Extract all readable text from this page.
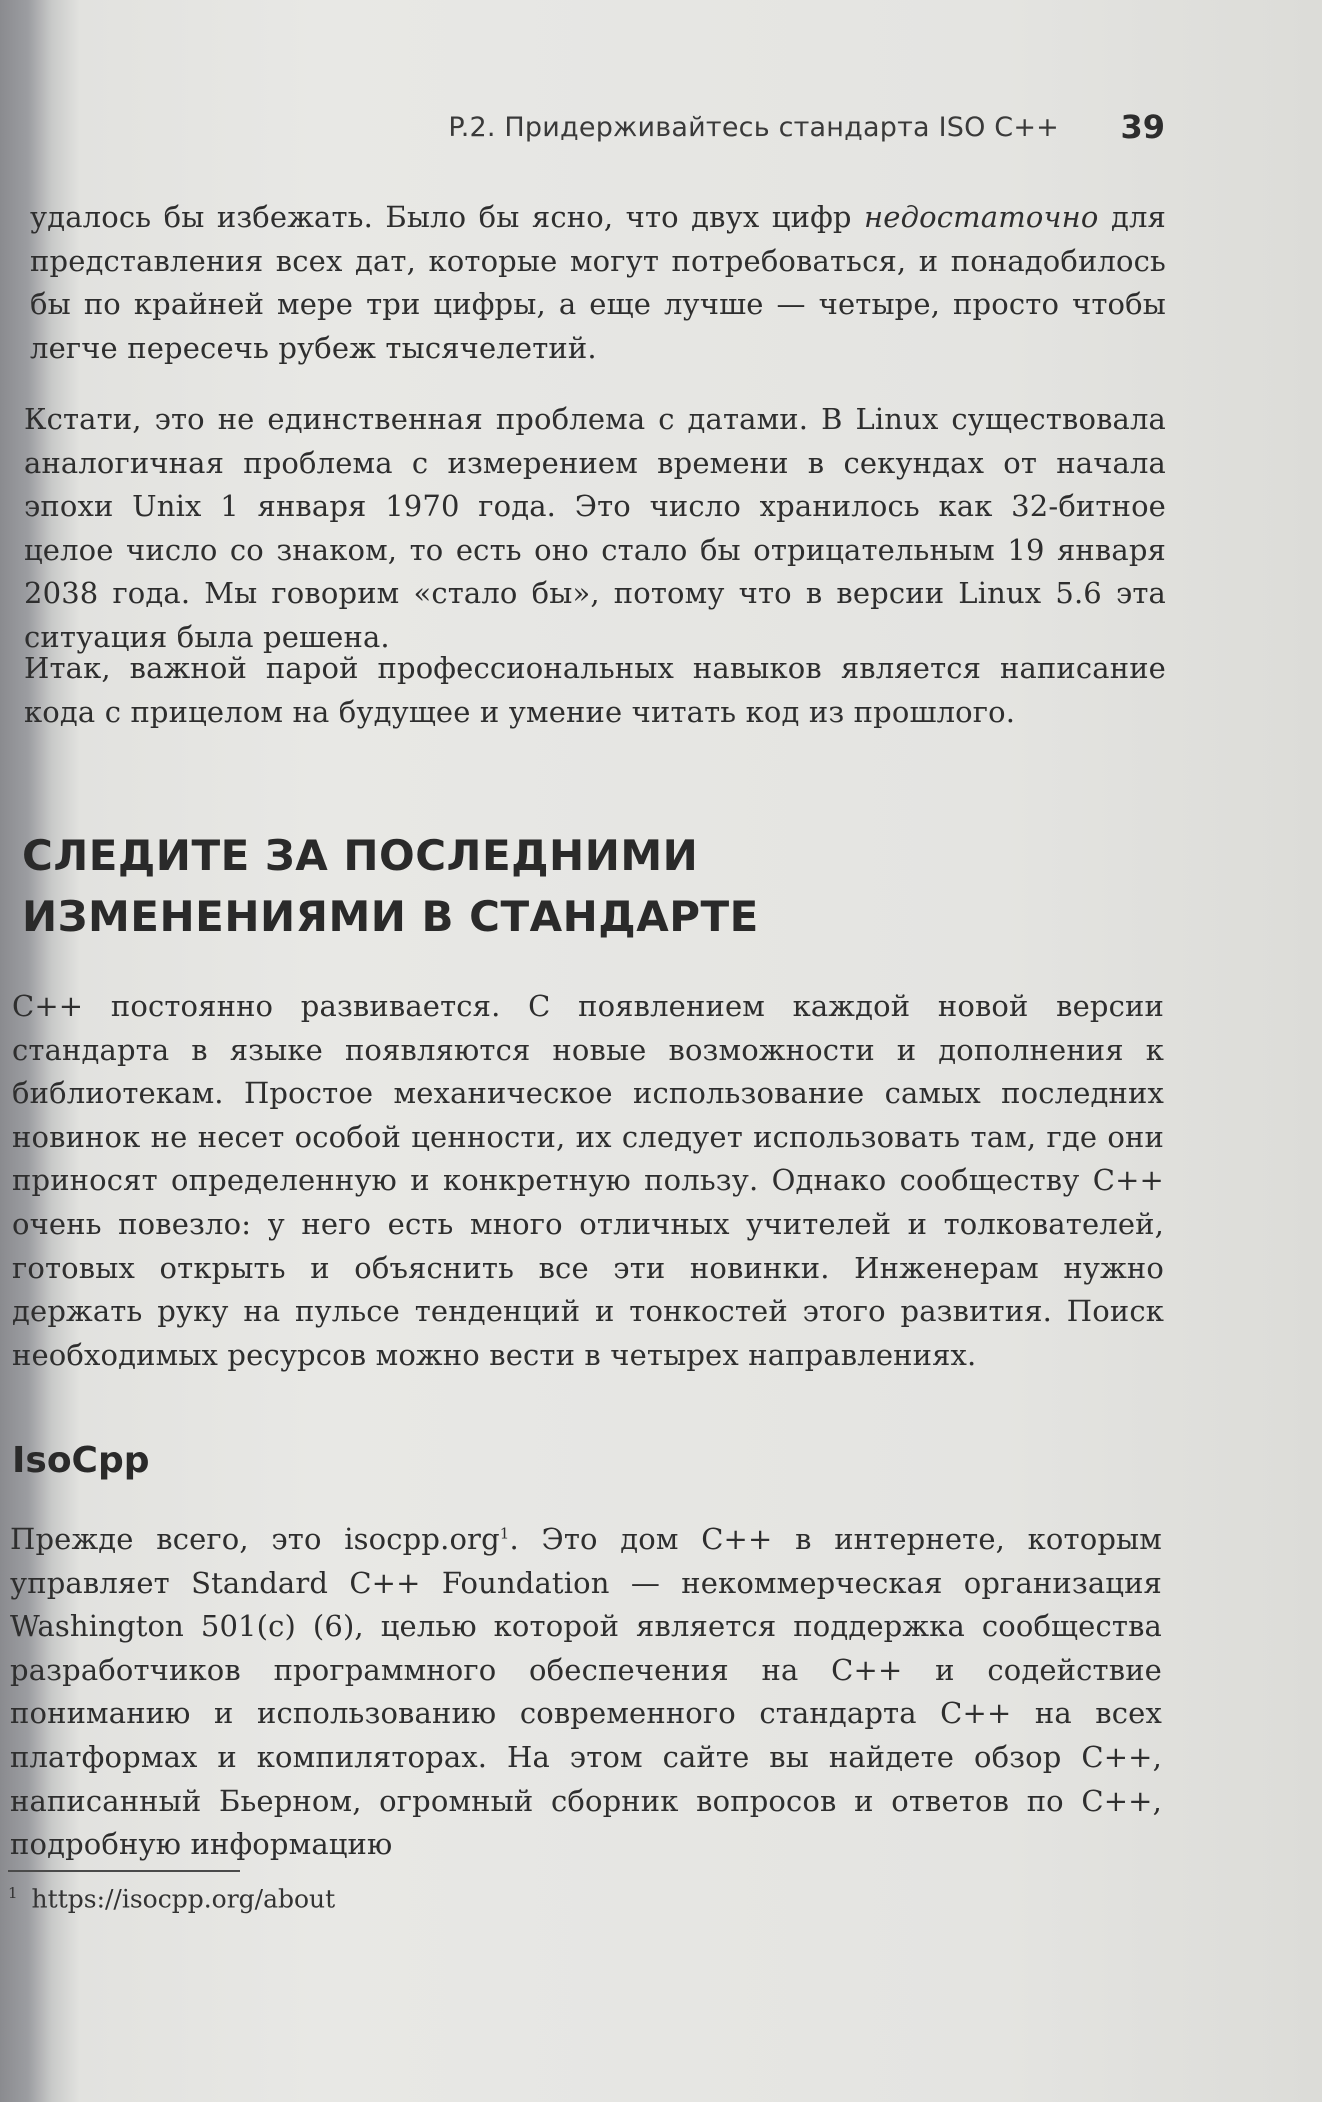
P.2. Придерживайтесь стандарта ISO C++ 39

удалось бы избежать. Было бы ясно, что двух цифр недостаточно для представления всех дат, которые могут потребоваться, и понадобилось бы по крайней мере три цифры, а еще лучше — четыре, просто чтобы легче пересечь рубеж тысячелетий.

Кстати, это не единственная проблема с датами. В Linux существовала аналогичная проблема с измерением времени в секундах от начала эпохи Unix 1 января 1970 года. Это число хранилось как 32-битное целое число со знаком, то есть оно стало бы отрицательным 19 января 2038 года. Мы говорим «стало бы», потому что в версии Linux 5.6 эта ситуация была решена.

Итак, важной парой профессиональных навыков является написание кода с прицелом на будущее и умение читать код из прошлого.

СЛЕДИТЕ ЗА ПОСЛЕДНИМИ
ИЗМЕНЕНИЯМИ В СТАНДАРТЕ

C++ постоянно развивается. С появлением каждой новой версии стандарта в языке появляются новые возможности и дополнения к библиотекам. Простое механическое использование самых последних новинок не несет особой ценности, их следует использовать там, где они приносят определенную и конкретную пользу. Однако сообществу C++ очень повезло: у него есть много отличных учителей и толкователей, готовых открыть и объяснить все эти новинки. Инженерам нужно держать руку на пульсе тенденций и тонкостей этого развития. Поиск необходимых ресурсов можно вести в четырех направлениях.

IsoCpp

Прежде всего, это isocpp.org$^1$. Это дом C++ в интернете, которым управляет Standard C++ Foundation — некоммерческая организация Washington 501(c) (6), целью которой является поддержка сообщества разработчиков программного обеспечения на C++ и содействие пониманию и использованию современного стандарта C++ на всех платформах и компиляторах. На этом сайте вы найдете обзор C++, написанный Бьерном, огромный сборник вопросов и ответов по C++, подробную информацию

$^1$ https://isocpp.org/about
